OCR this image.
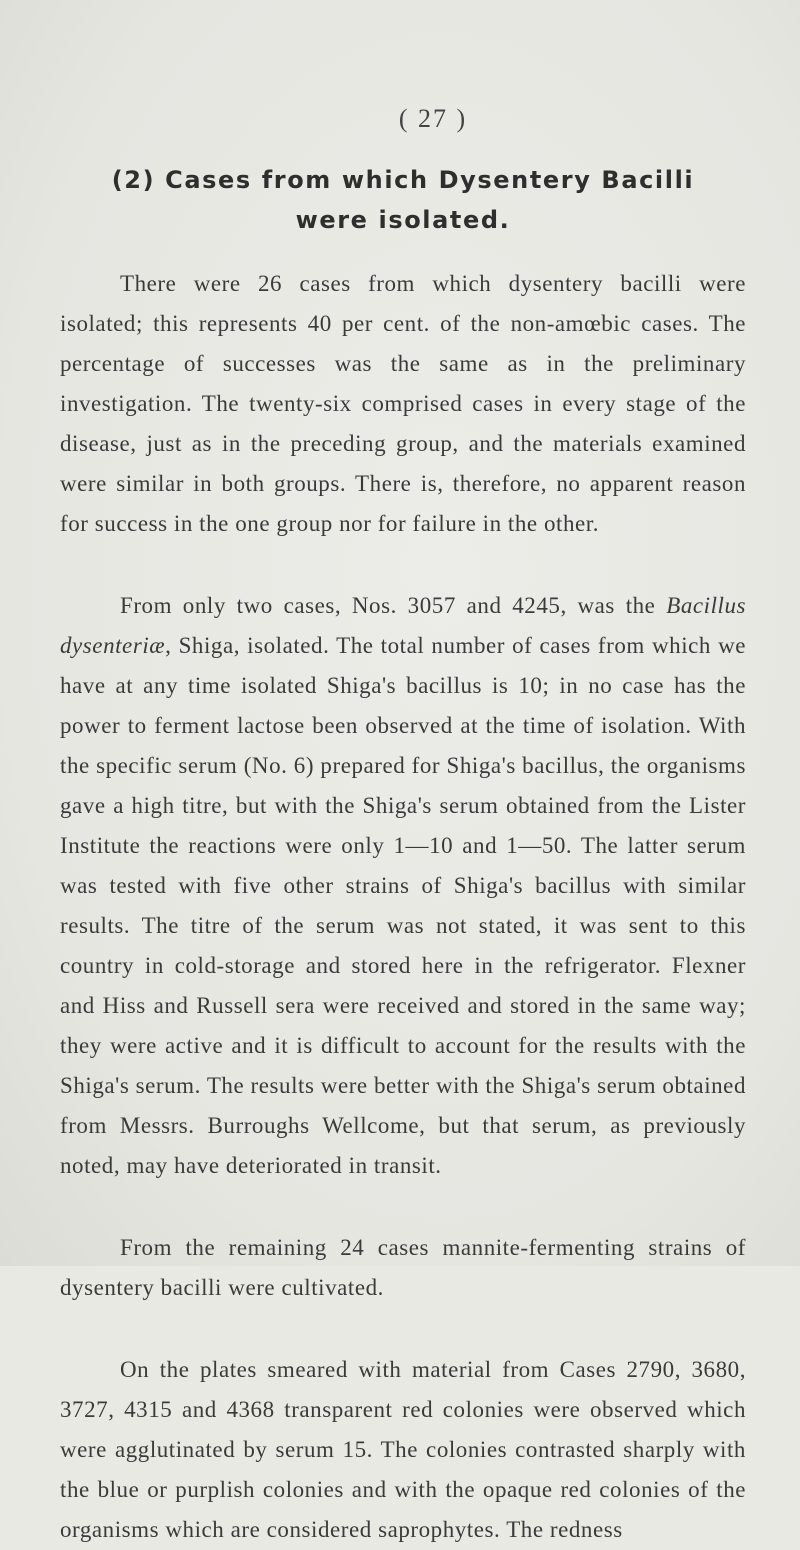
( 27 )
(2) Cases from which Dysentery Bacilli
were isolated.

There were 26 cases from which dysentery bacilli were isolated; this represents 40 per cent. of the non-amœbic cases. The percentage of successes was the same as in the preliminary investigation. The twenty-six comprised cases in every stage of the disease, just as in the preceding group, and the materials examined were similar in both groups. There is, therefore, no apparent reason for success in the one group nor for failure in the other.

From only two cases, Nos. 3057 and 4245, was the Bacillus dysenteriæ, Shiga, isolated. The total number of cases from which we have at any time isolated Shiga's bacillus is 10; in no case has the power to ferment lactose been observed at the time of isolation. With the specific serum (No. 6) prepared for Shiga's bacillus, the organisms gave a high titre, but with the Shiga's serum obtained from the Lister Institute the reactions were only 1—10 and 1—50. The latter serum was tested with five other strains of Shiga's bacillus with similar results. The titre of the serum was not stated, it was sent to this country in cold-storage and stored here in the refrigerator. Flexner and Hiss and Russell sera were received and stored in the same way; they were active and it is difficult to account for the results with the Shiga's serum. The results were better with the Shiga's serum obtained from Messrs. Burroughs Wellcome, but that serum, as previously noted, may have deteriorated in transit.

From the remaining 24 cases mannite-fermenting strains of dysentery bacilli were cultivated.

On the plates smeared with material from Cases 2790, 3680, 3727, 4315 and 4368 transparent red colonies were observed which were agglutinated by serum 15. The colonies contrasted sharply with the blue or purplish colonies and with the opaque red colonies of the organisms which are considered saprophytes. The redness
